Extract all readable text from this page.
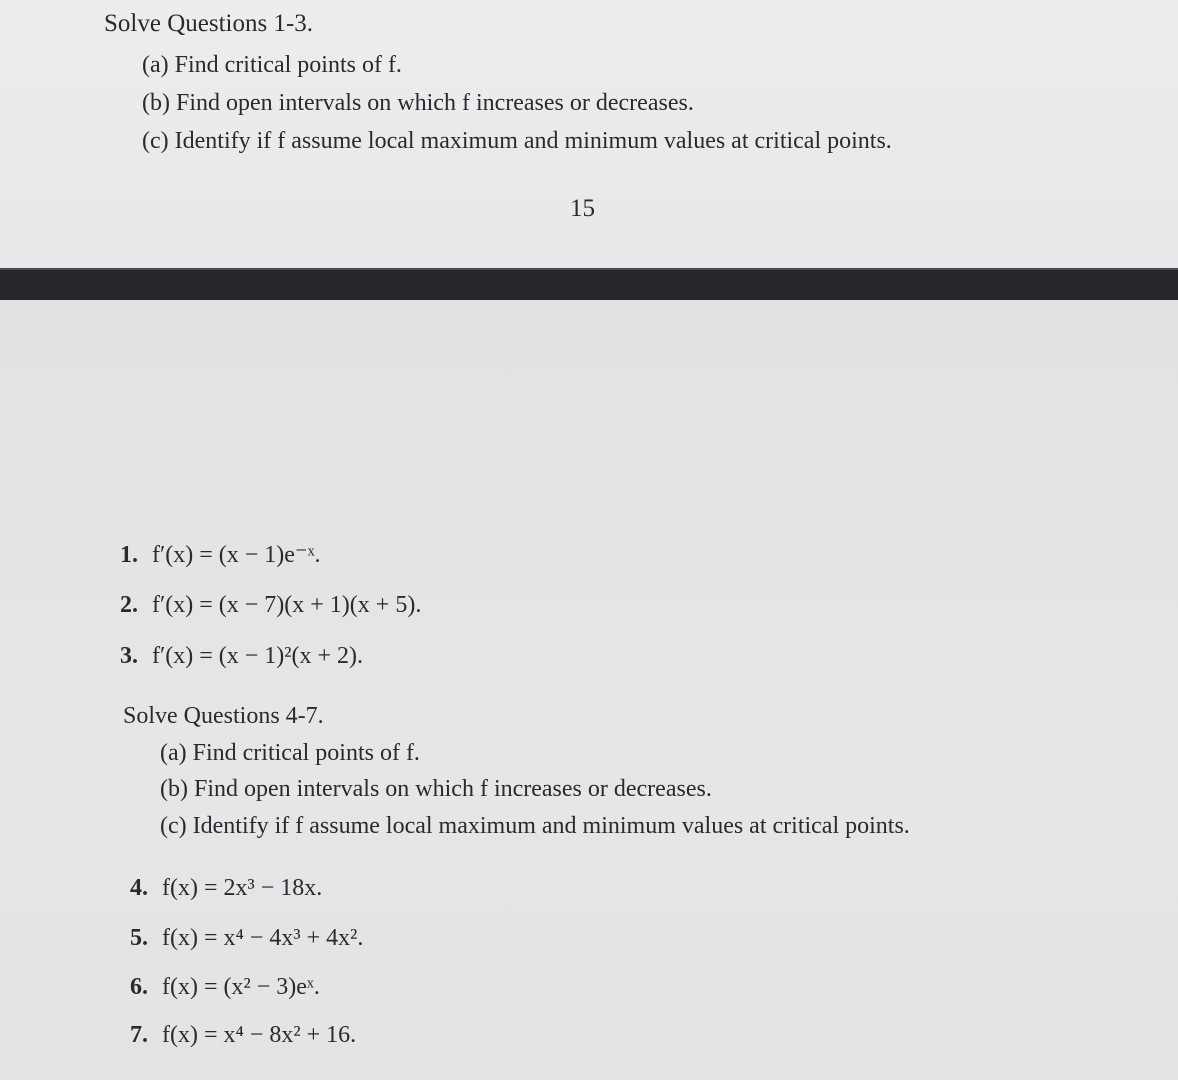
Solve Questions 1-3.
(a) Find critical points of f.
(b) Find open intervals on which f increases or decreases.
(c) Identify if f assume local maximum and minimum values at critical points.
15
1. f′(x) = (x − 1)e⁻ˣ.
2. f′(x) = (x − 7)(x + 1)(x + 5).
3. f′(x) = (x − 1)²(x + 2).
Solve Questions 4-7.
(a) Find critical points of f.
(b) Find open intervals on which f increases or decreases.
(c) Identify if f assume local maximum and minimum values at critical points.
4. f(x) = 2x³ − 18x.
5. f(x) = x⁴ − 4x³ + 4x².
6. f(x) = (x² − 3)eˣ.
7. f(x) = x⁴ − 8x² + 16.
